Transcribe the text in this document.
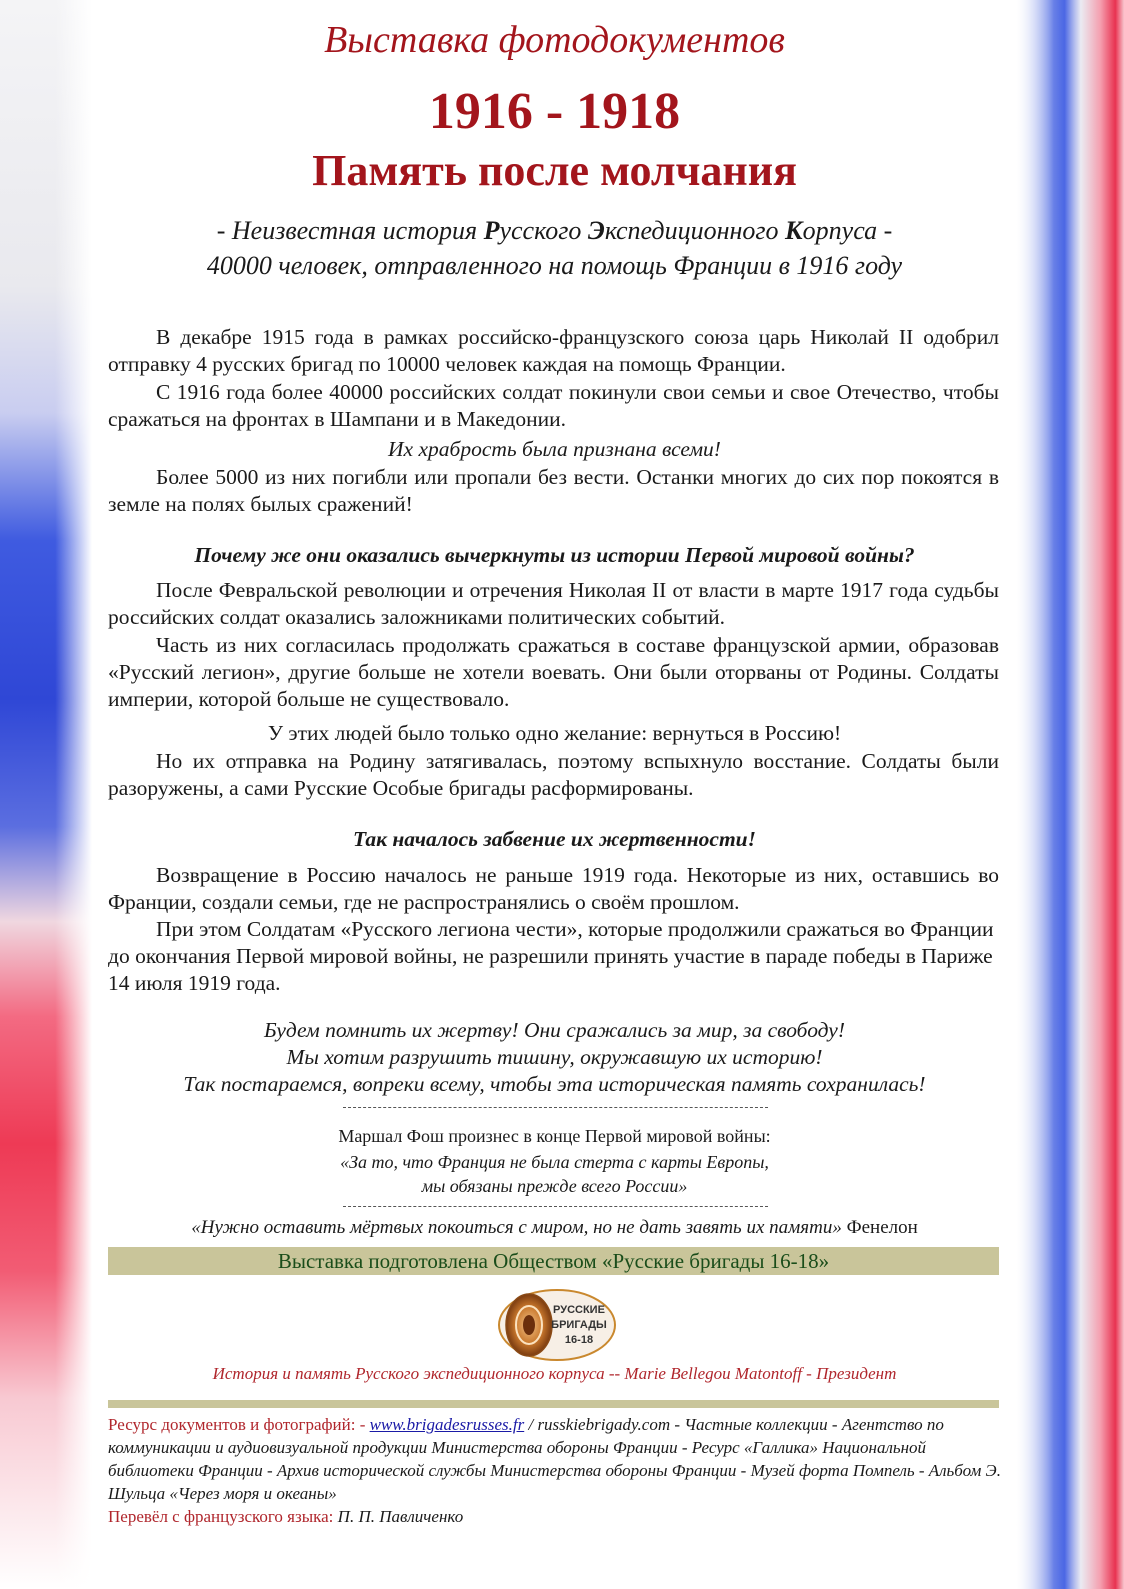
Выставка фотодокументов
1916 - 1918
Память после молчания
- Неизвестная история Русского Экспедиционного Корпуса -
40000 человек, отправленного на помощь Франции в 1916 году
В декабре 1915 года в рамках российско-французского союза царь Николай II одобрил отправку 4 русских бригад по 10000 человек каждая на помощь Франции.
С 1916 года более 40000 российских солдат покинули свои семьи и свое Отечество, чтобы сражаться на фронтах в Шампани и в Македонии.
Их храбрость была признана всеми!
Более 5000 из них погибли или пропали без вести. Останки многих до сих пор покоятся в земле на полях былых сражений!
Почему же они оказались вычеркнуты из истории Первой мировой войны?
После Февральской революции и отречения Николая II от власти в марте 1917 года судьбы российских солдат оказались заложниками политических событий.
Часть из них согласилась продолжать сражаться в составе французской армии, образовав «Русский легион», другие больше не хотели воевать. Они были оторваны от Родины. Солдаты империи, которой больше не существовало.
У этих людей было только одно желание: вернуться в Россию!
Но их отправка на Родину затягивалась, поэтому вспыхнуло восстание. Солдаты были разоружены, а сами Русские Особые бригады расформированы.
Так началось забвение их жертвенности!
Возвращение в Россию началось не раньше 1919 года. Некоторые из них, оставшись во Франции, создали семьи, где не распространялись о своём прошлом.
При этом Солдатам «Русского легиона чести», которые продолжили сражаться во Франции до окончания Первой мировой войны, не разрешили принять участие в параде победы в Париже 14 июля 1919 года.
Будем помнить их жертву! Они сражались за мир, за свободу!
Мы хотим разрушить тишину, окружавшую их историю!
Так постараемся, вопреки всему, чтобы эта историческая память сохранилась!
Маршал Фош произнес в конце Первой мировой войны:
«За то, что Франция не была стерта с карты Европы,
мы обязаны прежде всего России»
«Нужно оставить мёртвых покоиться с миром, но не дать завять их памяти» Фенелон
Выставка подготовлена Обществом «Русские бригады 16-18»
РУССКИЕ
БРИГАДЫ
16-18
История и память Русского экспедиционного корпуса -- Marie Bellegou Matontoff - Президент
Ресурс документов и фотографий: - www.brigadesrusses.fr / russkiebrigady.com - Частные коллекции - Агентство по коммуникации и аудиовизуальной продукции Министерства обороны Франции - Ресурс «Галлика» Национальной библиотеки Франции - Архив исторической службы Министерства обороны Франции - Музей форта Помпель - Альбом Э. Шульца «Через моря и океаны»
Перевёл с французского языка: П. П. Павличенко
